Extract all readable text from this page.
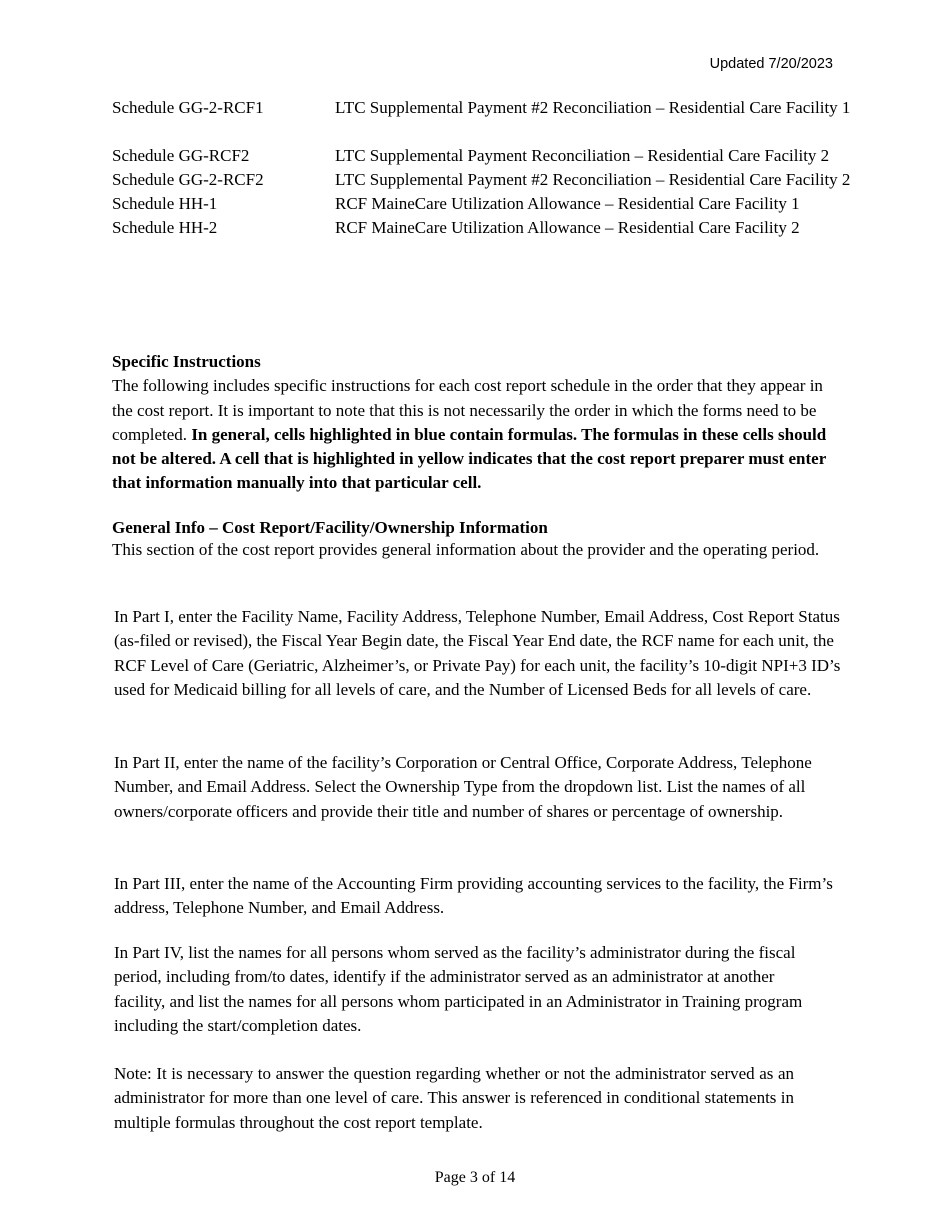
Updated 7/20/2023
Schedule GG-2-RCF1	LTC Supplemental Payment #2 Reconciliation – Residential Care Facility 1
Schedule GG-RCF2	LTC Supplemental Payment Reconciliation – Residential Care Facility 2
Schedule GG-2-RCF2	LTC Supplemental Payment #2 Reconciliation – Residential Care Facility 2
Schedule HH-1	RCF MaineCare Utilization Allowance – Residential Care Facility 1
Schedule HH-2	RCF MaineCare Utilization Allowance – Residential Care Facility 2
Specific Instructions

The following includes specific instructions for each cost report schedule in the order that they appear in the cost report. It is important to note that this is not necessarily the order in which the forms need to be completed. In general, cells highlighted in blue contain formulas. The formulas in these cells should not be altered. A cell that is highlighted in yellow indicates that the cost report preparer must enter that information manually into that particular cell.

General Info – Cost Report/Facility/Ownership Information

This section of the cost report provides general information about the provider and the operating period.

In Part I, enter the Facility Name, Facility Address, Telephone Number, Email Address, Cost Report Status (as-filed or revised), the Fiscal Year Begin date, the Fiscal Year End date, the RCF name for each unit, the RCF Level of Care (Geriatric, Alzheimer’s, or Private Pay) for each unit, the facility’s 10-digit NPI+3 ID’s used for Medicaid billing for all levels of care, and the Number of Licensed Beds for all levels of care.

In Part II, enter the name of the facility’s Corporation or Central Office, Corporate Address, Telephone Number, and Email Address. Select the Ownership Type from the dropdown list. List the names of all owners/corporate officers and provide their title and number of shares or percentage of ownership.

In Part III, enter the name of the Accounting Firm providing accounting services to the facility, the Firm’s address, Telephone Number, and Email Address.

In Part IV, list the names for all persons whom served as the facility’s administrator during the fiscal period, including from/to dates, identify if the administrator served as an administrator at another facility, and list the names for all persons whom participated in an Administrator in Training program including the start/completion dates.

Note: It is necessary to answer the question regarding whether or not the administrator served as an administrator for more than one level of care. This answer is referenced in conditional statements in multiple formulas throughout the cost report template.

Page 3 of 14
